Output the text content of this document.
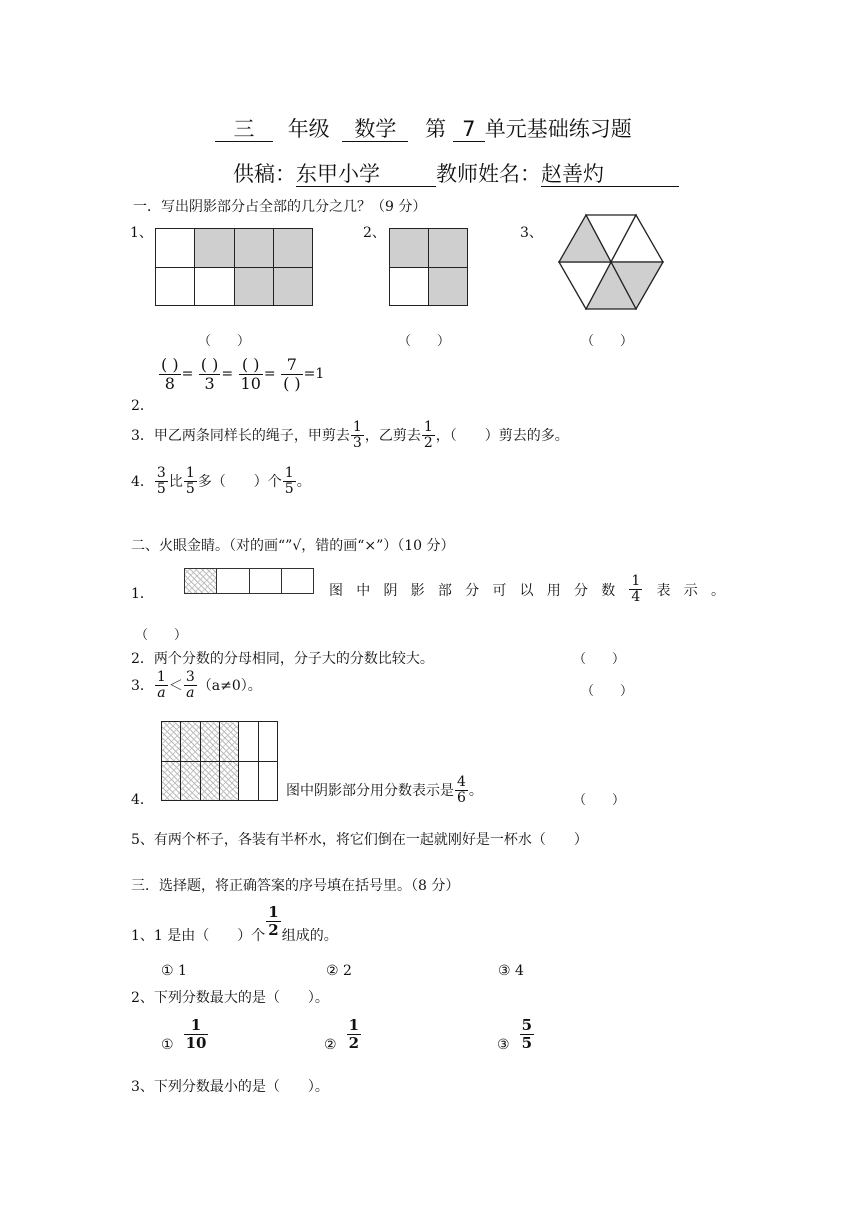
三 年级 数学 第 7 单元基础练习题
供稿：东甲小学	教师姓名：赵善灼
一．写出阴影部分占全部的几分之几？（9 分）
1、

				2、

		3、
（　　）	（　　）	（　　）
2．
$\frac{( )}{8} = \frac{( )}{3} = \frac{( )}{10} = \frac{7}{( )} =1$
3．甲乙两条同样长的绳子，甲剪去 $\frac{1}{3}$ ，乙剪去 $\frac{1}{2}$ ，（　　）剪去的多。
4． $\frac{3}{5}$ 比 $\frac{1}{5}$ 多（　　）个 $\frac{1}{5}$ 。
二、火眼金睛。（对的画“”√，错的画“×”）（10 分）
1．	图 中 阴 影 部 分 可 以 用 分 数 $\frac{1}{4}$ 表 示 。
（　　）
2．两个分数的分母相同，分子大的分数比较大。	（　　）
3． $\frac{1}{a} < \frac{3}{a} (a\ne 0)$。	（　　）
4．

图中阴影部分用分数表示是 $\frac{4}{6}$ 。
（　　）
5、有两个杯子，各装有半杯水，将它们倒在一起就刚好是一杯水（　　）
三．选择题，将正确答案的序号填在括号里。（8 分）
1、1 是由（　　）个 $\frac{1}{2}$ 组成的。
① 1	② 2	③ 4
2、下列分数最大的是（　　）。
① $\frac{1}{10}$	② $\frac{1}{2}$	③ $\frac{5}{5}$
3、下列分数最小的是（　　）。
